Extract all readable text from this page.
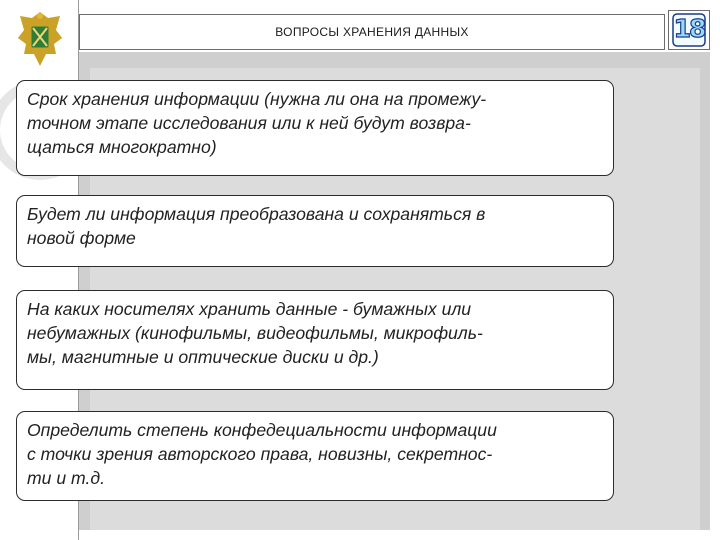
ВОПРОСЫ ХРАНЕНИЯ ДАННЫХ	18
Срок хранения информации (нужна ли она на промежу-
точном этапе исследования или к ней будут возвра-
щаться многократно)
Будет ли информация преобразована и сохраняться в
новой форме
На каких носителях хранить данные - бумажных или
небумажных (кинофильмы, видеофильмы, микрофиль-
мы, магнитные и оптические диски и др.)
Определить степень конфедециальности информации
с точки зрения авторского права, новизны, секретнос-
ти и т.д.
